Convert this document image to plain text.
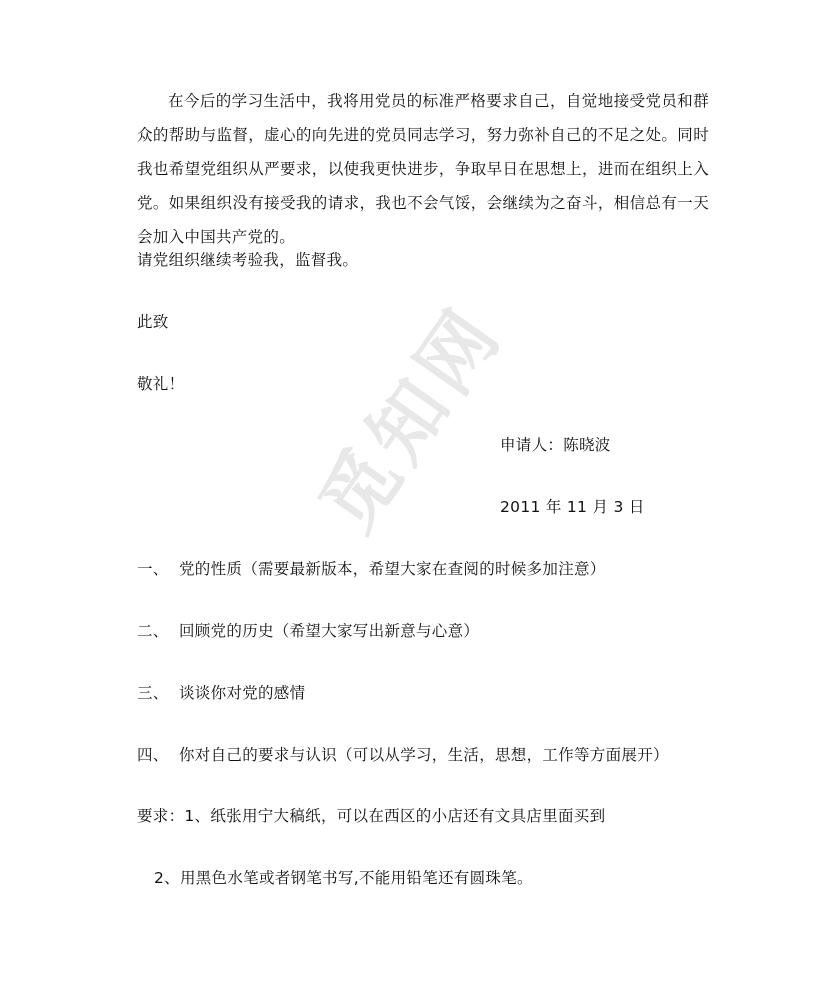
觅知网

在今后的学习生活中，我将用党员的标准严格要求自己，自觉地接受党员和群众的帮助与监督，虚心的向先进的党员同志学习，努力弥补自己的不足之处。同时我也希望党组织从严要求，以使我更快进步，争取早日在思想上，进而在组织上入党。如果组织没有接受我的请求，我也不会气馁，会继续为之奋斗，相信总有一天会加入中国共产党的。

请党组织继续考验我，监督我。
此致
敬礼！
申请人：陈晓波
2011 年 11 月 3 日
一、 党的性质（需要最新版本，希望大家在查阅的时候多加注意）
二、 回顾党的历史（希望大家写出新意与心意）
三、 谈谈你对党的感情
四、 你对自己的要求与认识（可以从学习，生活，思想，工作等方面展开）
要求：1、纸张用宁大稿纸，可以在西区的小店还有文具店里面买到
2、用黑色水笔或者钢笔书写,不能用铅笔还有圆珠笔。
